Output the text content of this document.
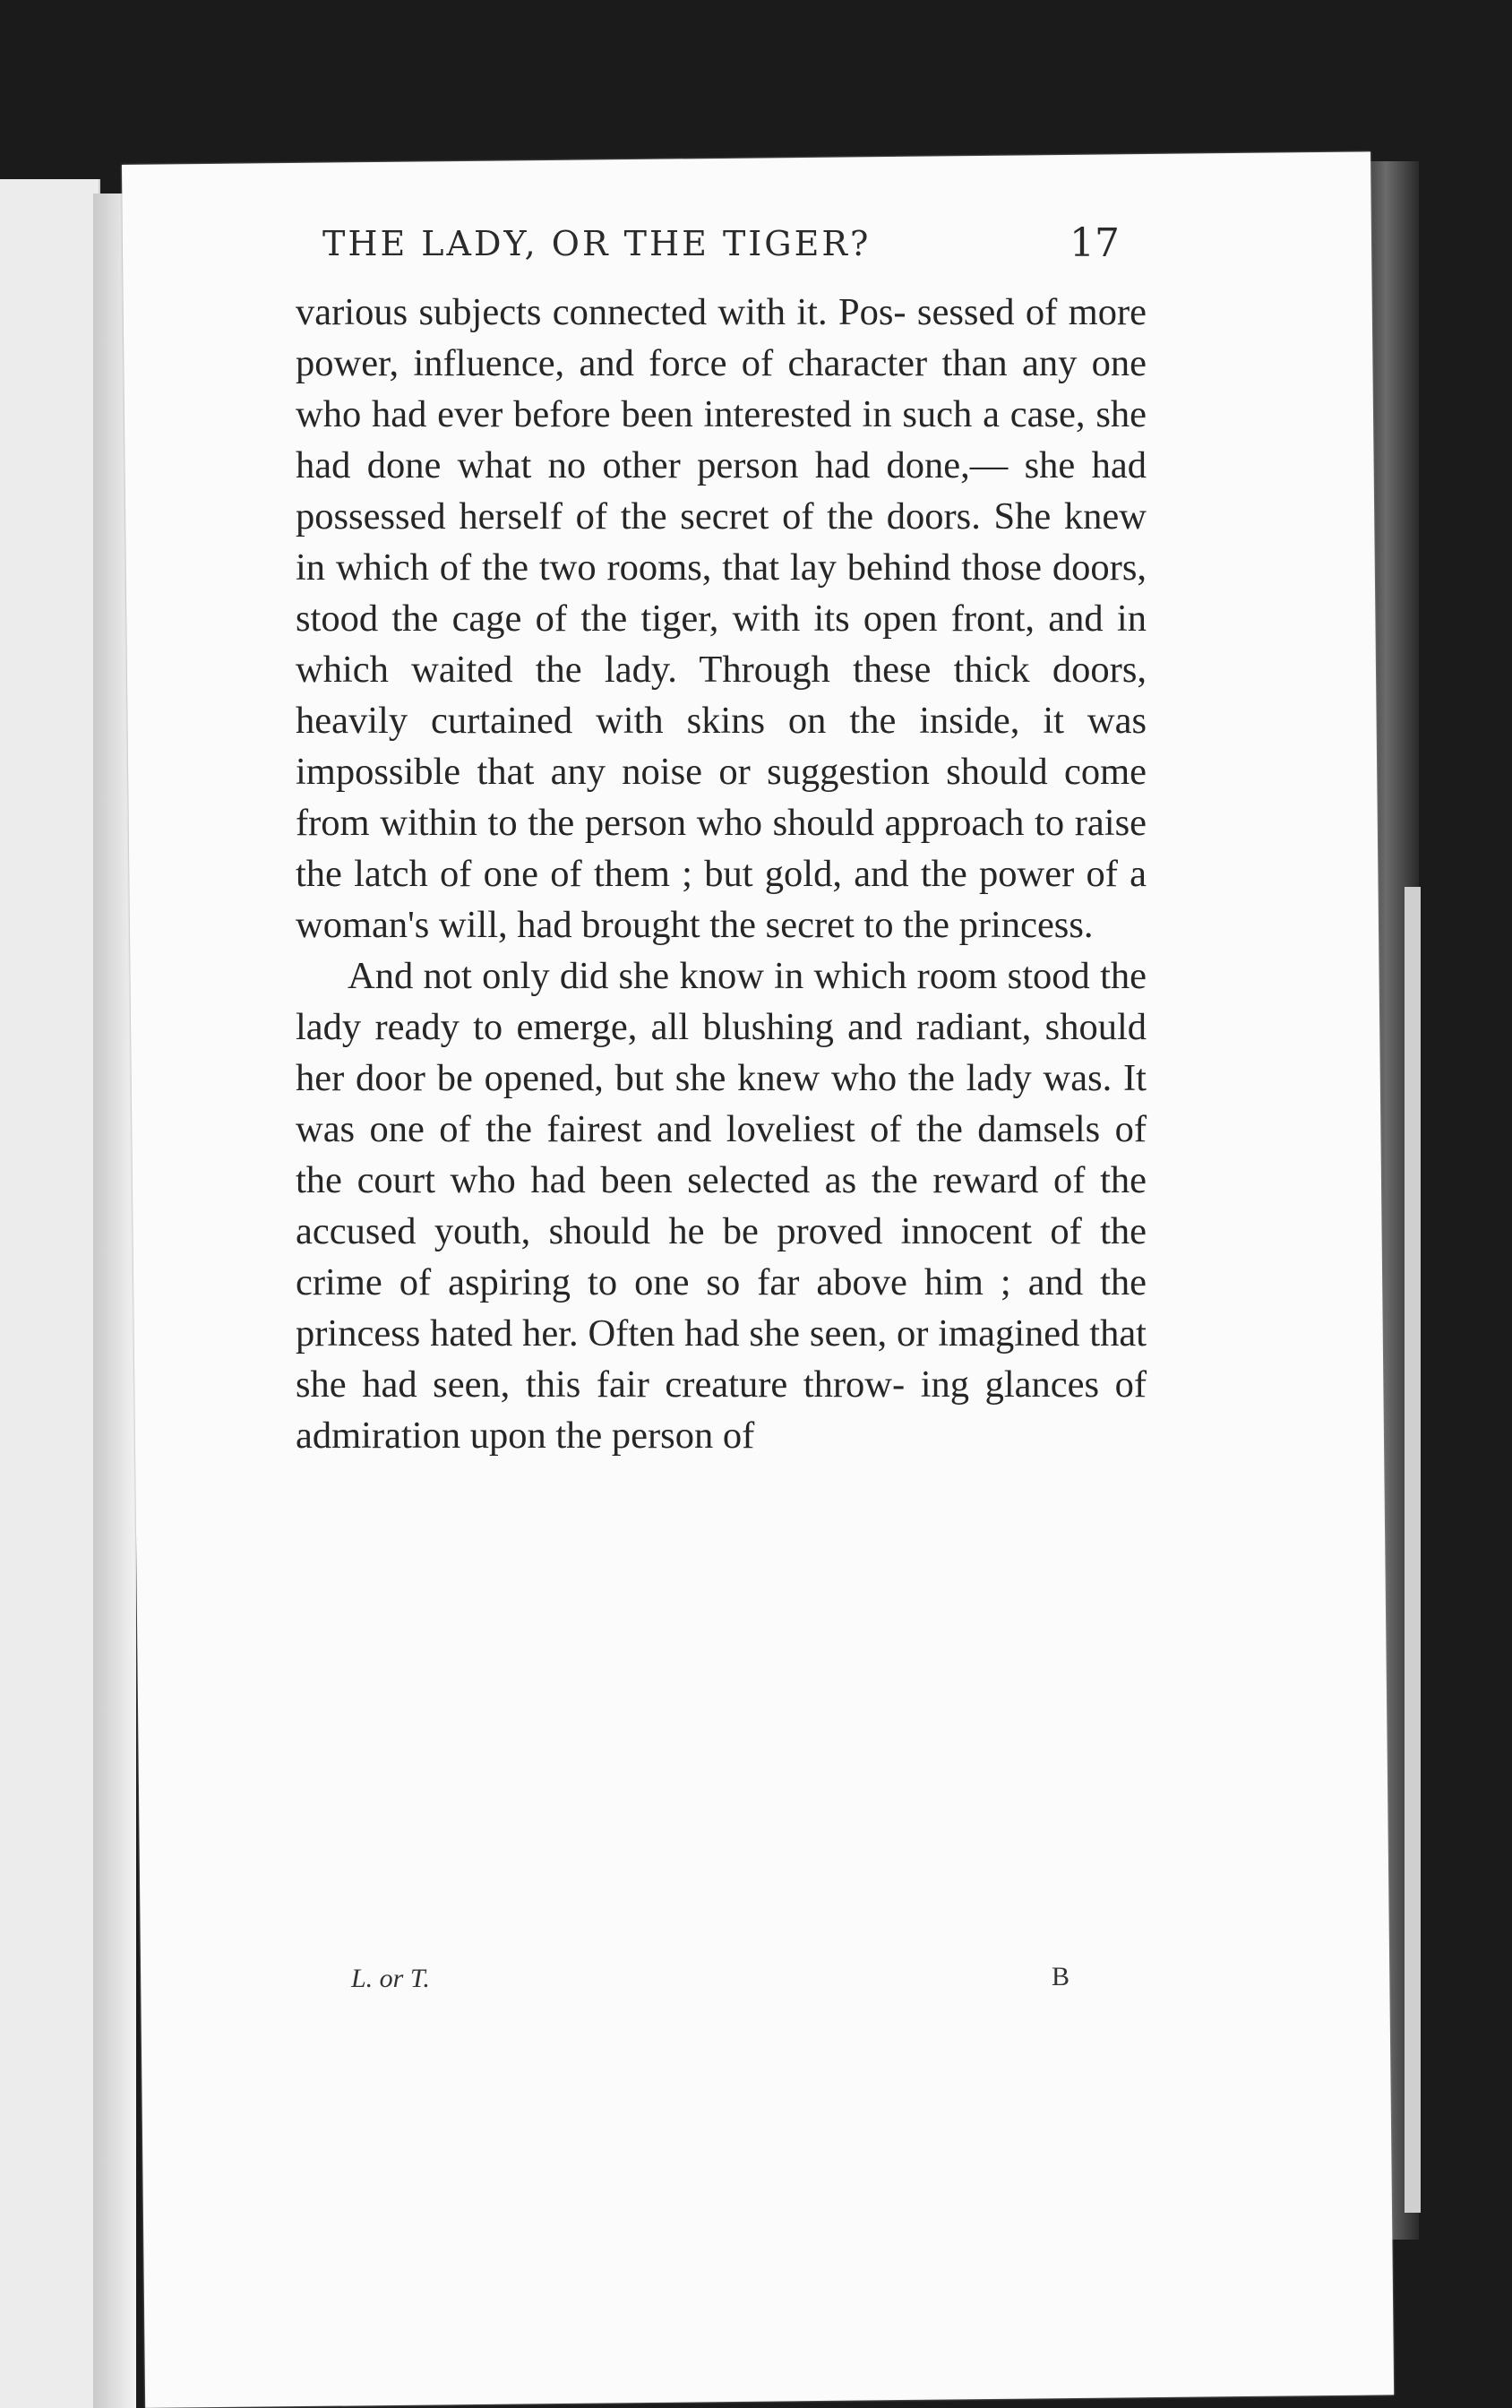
THE LADY, OR THE TIGER?	17

various subjects connected with it. Pos- sessed of more power, influence, and force of character than any one who had ever before been interested in such a case, she had done what no other person had done,— she had possessed herself of the secret of the doors. She knew in which of the two rooms, that lay behind those doors, stood the cage of the tiger, with its open front, and in which waited the lady. Through these thick doors, heavily curtained with skins on the inside, it was impossible that any noise or suggestion should come from within to the person who should approach to raise the latch of one of them ; but gold, and the power of a woman's will, had brought the secret to the princess.

And not only did she know in which room stood the lady ready to emerge, all blushing and radiant, should her door be opened, but she knew who the lady was. It was one of the fairest and loveliest of the damsels of the court who had been selected as the reward of the accused youth, should he be proved innocent of the crime of aspiring to one so far above him ; and the princess hated her. Often had she seen, or imagined that she had seen, this fair creature throw- ing glances of admiration upon the person of

L. or T.	B
